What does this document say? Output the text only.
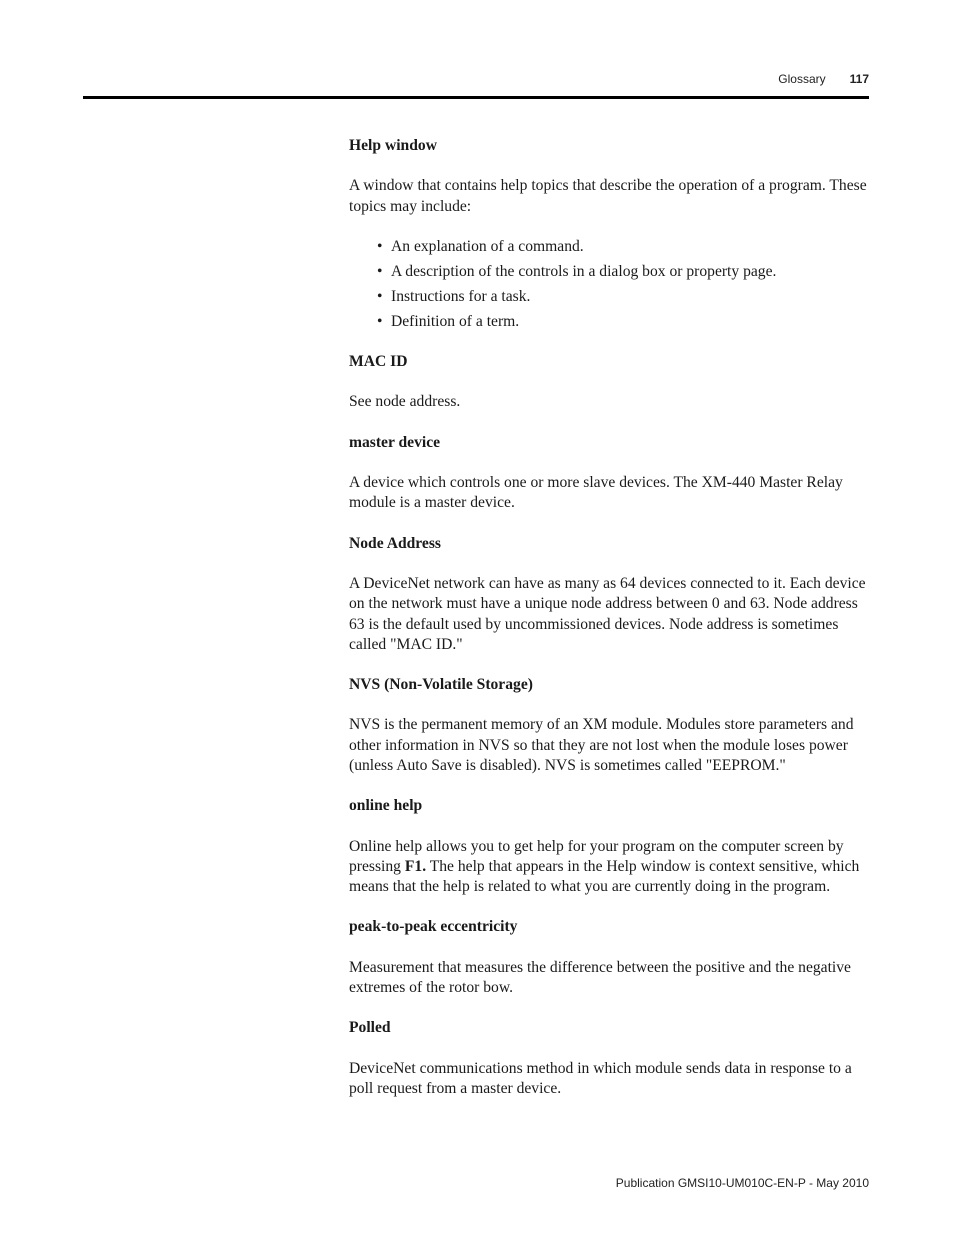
Glossary 117

Help window

A window that contains help topics that describe the operation of a program. These topics may include:

• An explanation of a command.
• A description of the controls in a dialog box or property page.
• Instructions for a task.
• Definition of a term.

MAC ID

See node address.

master device

A device which controls one or more slave devices. The XM-440 Master Relay module is a master device.

Node Address

A DeviceNet network can have as many as 64 devices connected to it. Each device on the network must have a unique node address between 0 and 63. Node address 63 is the default used by uncommissioned devices. Node address is sometimes called "MAC ID."

NVS (Non-Volatile Storage)

NVS is the permanent memory of an XM module. Modules store parameters and other information in NVS so that they are not lost when the module loses power (unless Auto Save is disabled). NVS is sometimes called "EEPROM."

online help

Online help allows you to get help for your program on the computer screen by pressing F1. The help that appears in the Help window is context sensitive, which means that the help is related to what you are currently doing in the program.

peak-to-peak eccentricity

Measurement that measures the difference between the positive and the negative extremes of the rotor bow.

Polled

DeviceNet communications method in which module sends data in response to a poll request from a master device.

Publication GMSI10-UM010C-EN-P - May 2010
